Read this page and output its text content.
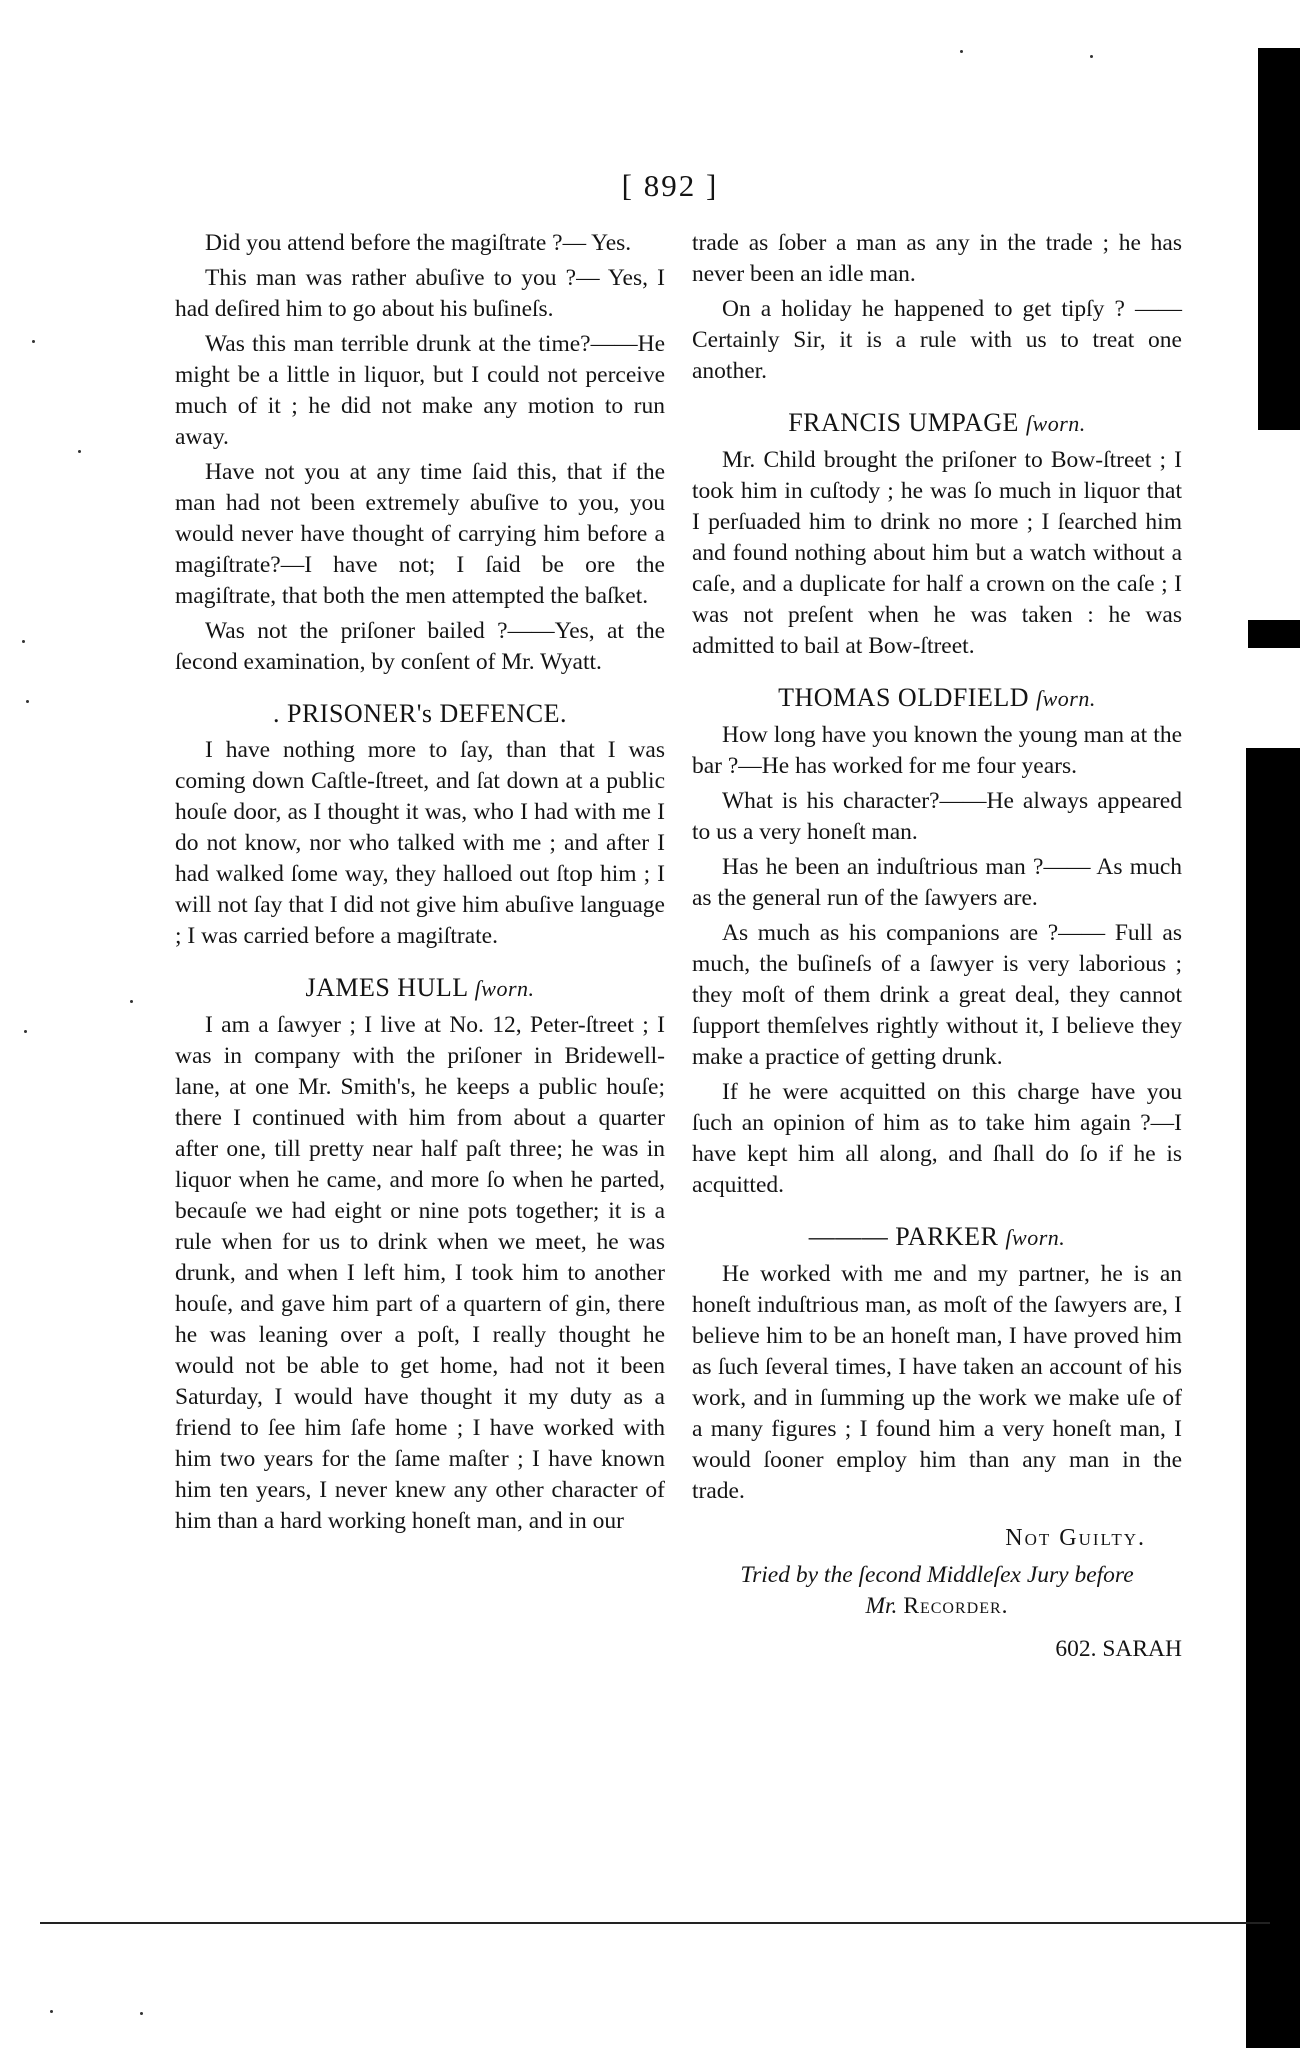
[ 892 ]

Did you attend before the magiſtrate ?— Yes.

This man was rather abuſive to you ?— Yes, I had deſired him to go about his buſineſs.

Was this man terrible drunk at the time?——He might be a little in liquor, but I could not perceive much of it ; he did not make any motion to run away.

Have not you at any time ſaid this, that if the man had not been extremely abuſive to you, you would never have thought of carrying him before a magiſtrate?—I have not; I ſaid be ore the magiſtrate, that both the men attempted the baſket.

Was not the priſoner bailed ?——Yes, at the ſecond examination, by conſent of Mr. Wyatt.

. PRISONER's DEFENCE.

I have nothing more to ſay, than that I was coming down Caſtle-ſtreet, and ſat down at a public houſe door, as I thought it was, who I had with me I do not know, nor who talked with me ; and after I had walked ſome way, they halloed out ſtop him ; I will not ſay that I did not give him abuſive language ; I was carried before a magiſtrate.

JAMES HULL ſworn.

I am a ſawyer ; I live at No. 12, Peter-ſtreet ; I was in company with the priſoner in Bridewell-lane, at one Mr. Smith's, he keeps a public houſe; there I continued with him from about a quarter after one, till pretty near half paſt three; he was in liquor when he came, and more ſo when he parted, becauſe we had eight or nine pots together; it is a rule when for us to drink when we meet, he was drunk, and when I left him, I took him to another houſe, and gave him part of a quartern of gin, there he was leaning over a poſt, I really thought he would not be able to get home, had not it been Saturday, I would have thought it my duty as a friend to ſee him ſafe home ; I have worked with him two years for the ſame maſter ; I have known him ten years, I never knew any other character of him than a hard working honeſt man, and in our

trade as ſober a man as any in the trade ; he has never been an idle man.

On a holiday he happened to get tipſy ? ——Certainly Sir, it is a rule with us to treat one another.

FRANCIS UMPAGE ſworn.

Mr. Child brought the priſoner to Bow-ſtreet ; I took him in cuſtody ; he was ſo much in liquor that I perſuaded him to drink no more ; I ſearched him and found nothing about him but a watch without a caſe, and a duplicate for half a crown on the caſe ; I was not preſent when he was taken : he was admitted to bail at Bow-ſtreet.

THOMAS OLDFIELD ſworn.

How long have you known the young man at the bar ?—He has worked for me four years.

What is his character?——He always appeared to us a very honeſt man.

Has he been an induſtrious man ?—— As much as the general run of the ſawyers are.

As much as his companions are ?—— Full as much, the buſineſs of a ſawyer is very laborious ; they moſt of them drink a great deal, they cannot ſupport themſelves rightly without it, I believe they make a practice of getting drunk.

If he were acquitted on this charge have you ſuch an opinion of him as to take him again ?—I have kept him all along, and ſhall do ſo if he is acquitted.

——— PARKER ſworn.

He worked with me and my partner, he is an honeſt induſtrious man, as moſt of the ſawyers are, I believe him to be an honeſt man, I have proved him as ſuch ſeveral times, I have taken an account of his work, and in ſumming up the work we make uſe of a many figures ; I found him a very honeſt man, I would ſooner employ him than any man in the trade.

Not Guilty.
Tried by the ſecond Middleſex Jury before
Mr. Recorder.
602. SARAH
